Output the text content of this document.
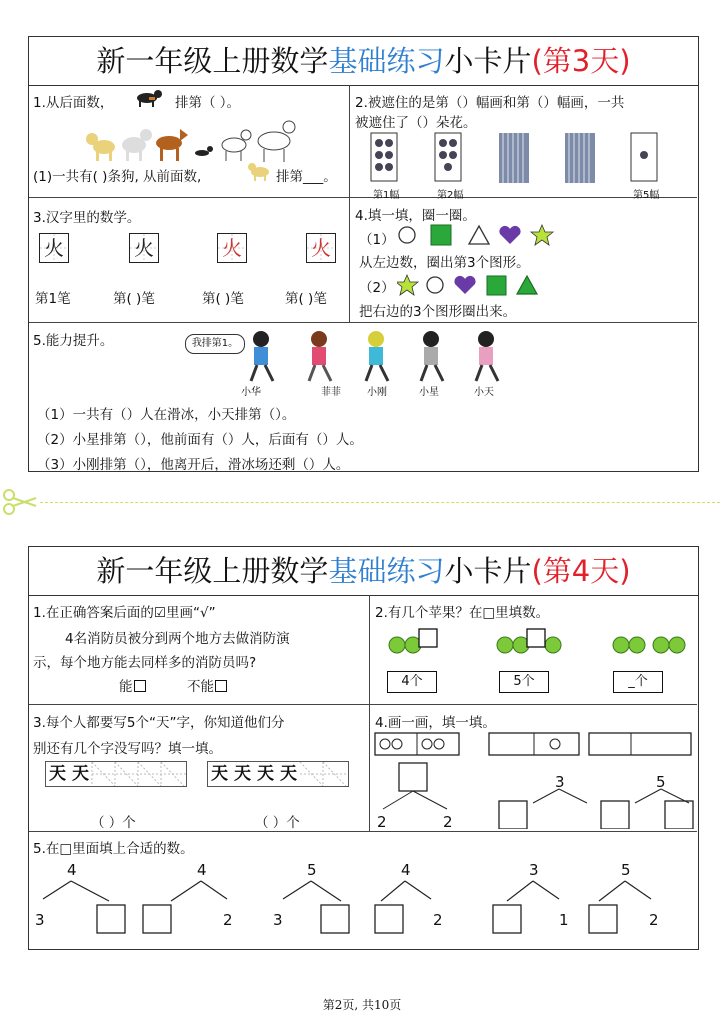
新一年级上册数学基础练习小卡片(第3天)
1.从后面数，	排第（ ）。
(1)一共有( )条狗, 从前面数,	排第___。
2.被遮住的是第（）幅画和第（）幅画，一共
被遮住了（）朵花。
第1幅	第2幅	第5幅
3.汉字里的数学。
火	火	火	火
第1笔	第( )笔	第( )笔	第( )笔
4.填一填，圈一圈。
（1）
从左边数，圈出第3个图形。
（2）
把右边的3个图形圈出来。
5.能力提升。	我排第1。
小华	菲菲	小刚	小星	小天
（1）一共有（）人在滑冰，小天排第（）。
（2）小星排第（），他前面有（）人，后面有（）人。
（3）小刚排第（），他离开后，滑冰场还剩（）人。
新一年级上册数学基础练习小卡片(第4天)
1.在正确答案后面的☑里画“√”
4名消防员被分到两个地方去做消防演
示，每个地方能去同样多的消防员吗?
能	不能
2.有几个苹果？在□里填数。
4个	5个	_个
3.每个人都要写5个“天”字，你知道他们分
别还有几个字没写吗？填一填。
天 天	天 天 天 天
（ ）个	（ ）个
4.画一画，填一填。
3	5
2	2
5.在□里面填上合适的数。
4	4	5	4	3	5
3	2	3	2	1	2
第2页, 共10页
